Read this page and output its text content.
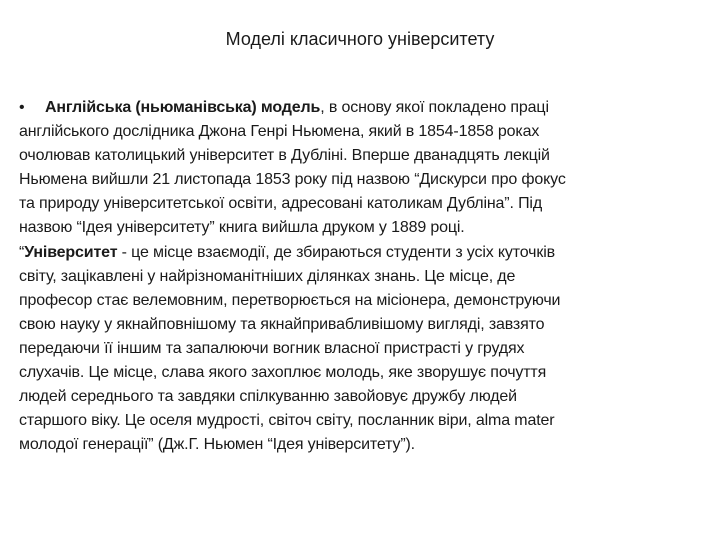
Моделі класичного університету

• Англійська (ньюманівська) модель, в основу якої покладено праці
англійського дослідника Джона Генрі Ньюмена, який в 1854-1858 роках
очолював католицький університет в Дубліні. Вперше дванадцять лекцій
Ньюмена вийшли 21 листопада 1853 року під назвою “Дискурси про фокус
та природу університетської освіти, адресовані католикам Дубліна”. Під
назвою “Ідея університету” книга вийшла друком у 1889 році.

“Університет - це місце взаємодії, де збираються студенти з усіх куточків
світу, зацікавлені у найрізноманітніших ділянках знань. Це місце, де
професор стає велемовним, перетворюється на місіонера, демонструючи
свою науку у якнайповнішому та якнайпривабливішому вигляді, завзято
передаючи її іншим та запалюючи вогник власної пристрасті у грудях
слухачів. Це місце, слава якого захоплює молодь, яке зворушує почуття
людей середнього та завдяки спілкуванню завойовує дружбу людей
старшого віку. Це оселя мудрості, світоч світу, посланник віри, alma mater
молодої генерації” (Дж.Г. Ньюмен “Ідея університету”).
